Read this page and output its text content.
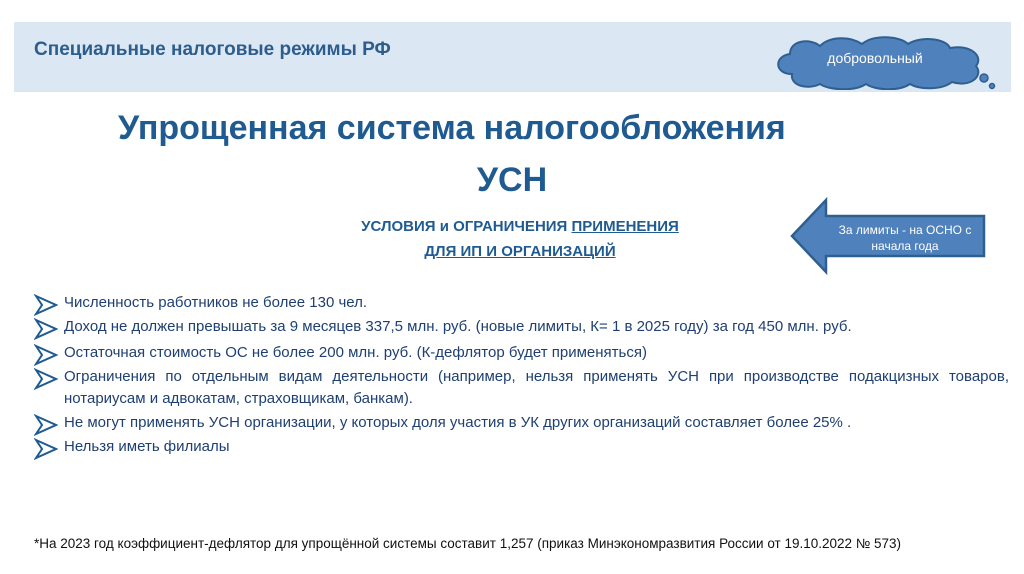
Специальные налоговые режимы РФ	добровольный
Упрощенная система налогообложения
УСН
УСЛОВИЯ и ОГРАНИЧЕНИЯ ПРИМЕНЕНИЯ
ДЛЯ ИП И ОРГАНИЗАЦИЙ
За лимиты - на ОСНО с начала года
Численность работников не более 130 чел.
Доход не должен превышать за 9 месяцев 337,5 млн. руб. (новые лимиты, К= 1 в 2025 году) за год 450 млн. руб.
Остаточная стоимость ОС не более 200 млн. руб. (К-дефлятор будет применяться)
Ограничения по отдельным видам деятельности (например, нельзя применять УСН при производстве подакцизных товаров, нотариусам и адвокатам, страховщикам, банкам).
Не могут применять УСН организации, у которых доля участия в УК других организаций составляет более 25% .
Нельзя иметь филиалы
*На 2023 год коэффициент-дефлятор для упрощённой системы составит 1,257 (приказ Минэкономразвития России от 19.10.2022 № 573)
